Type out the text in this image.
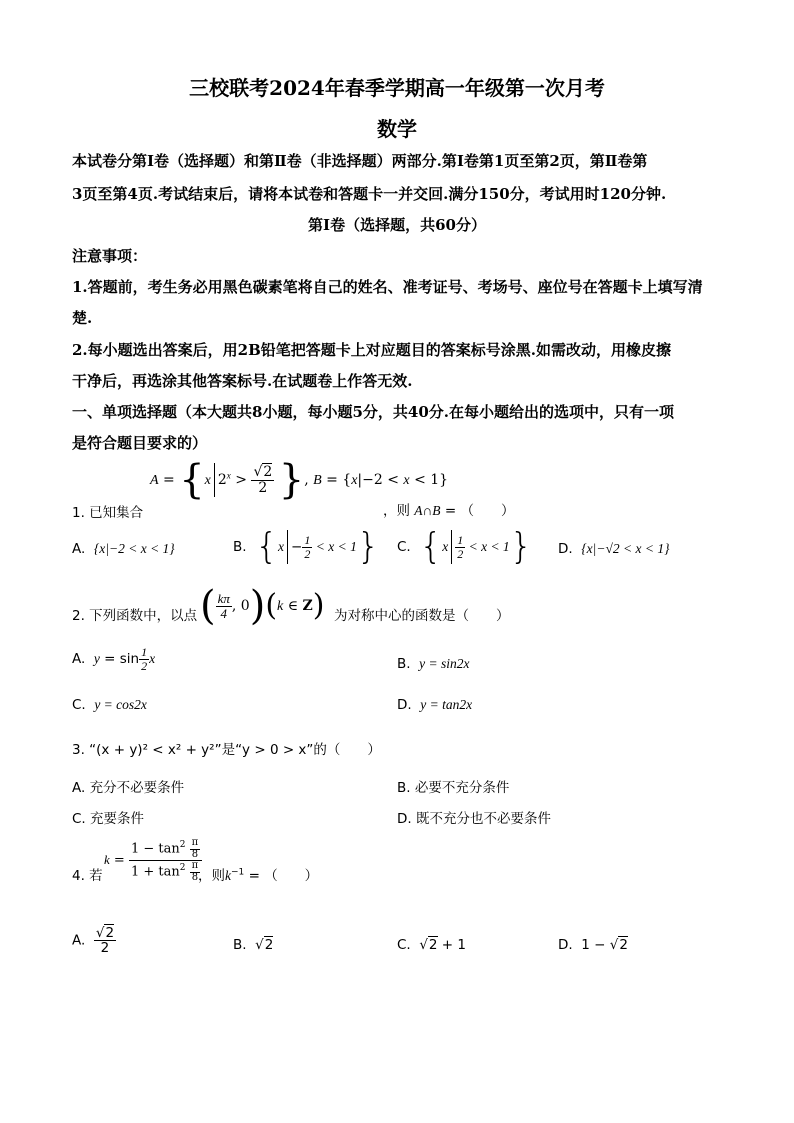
三校联考2024年春季学期高一年级第一次月考
数学
本试卷分第Ⅰ卷（选择题）和第Ⅱ卷（非选择题）两部分.第Ⅰ卷第1页至第2页，第Ⅱ卷第
3页至第4页.考试结束后，请将本试卷和答题卡一并交回.满分150分，考试用时120分钟.
第Ⅰ卷（选择题，共60分）
注意事项：
1.答题前，考生务必用黑色碳素笔将自己的姓名、准考证号、考场号、座位号在答题卡上填写清
楚.
2.每小题选出答案后，用2B铅笔把答题卡上对应题目的答案标号涂黑.如需改动，用橡皮擦
干净后，再选涂其他答案标号.在试题卷上作答无效.
一、单项选择题（本大题共8小题，每小题5分，共40分.在每小题给出的选项中，只有一项
是符合题目要求的）
A = {x $2^x > \frac{√2}{2}$ }, B = {x|−2 < x < 1}
1. 已知集合	，则 A∩B = （　　）
A.  {x|−2 < x < 1}	B.  $\{x - \frac{1}{2} < x < 1\}$ C.  $\{x \frac{1}{2} < x < 1\}$ D.  {x|−√2 < x < 1}
2. 下列函数中，以点 ( $\frac{k\pi}{4}$ , 0)(k ∈ Z) 为对称中心的函数是（　　）
A.  $y = \sin \frac{1}{2}$ x	B.  y = sin2x
C.  y = cos2x	D.  y = tan2x
3. “(x + y)² < x² + y²”是“y > 0 > x”的（　　）
A. 充分不必要条件	B. 必要不充分条件
C. 充要条件	D. 既不充分也不必要条件
4. 若
$k = \frac{1 - \tan^2 \frac{\pi}{8}}{1 + \tan^2 \frac{\pi}{8}}$
，则$k^{-1}$ = （　　）
A. $\frac{√2}{2}$	B.  √2	C.  √2 + 1	D.  1 − √2
